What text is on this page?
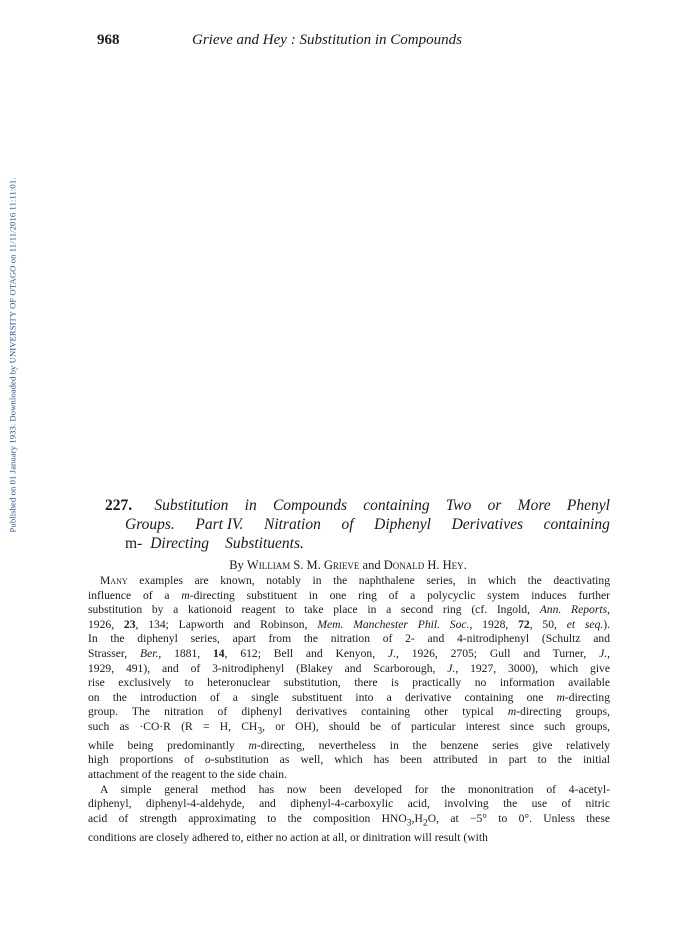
Published on 01 January 1933. Downloaded by UNIVERSITY OF OTAGO on 11/11/2016 11:11:01.
968	Grieve and Hey : Substitution in Compounds
227.	Substitution in Compounds containing Two or More Phenyl
Groups. Part IV. Nitration of Diphenyl Derivatives containing
m- Directing	Substituents.
By William S. M. Grieve and Donald H. Hey.
Many examples are known, notably in the naphthalene series, in which the deactivating
influence of a m-directing substituent in one ring of a polycyclic system induces further
substitution by a kationoid reagent to take place in a second ring (cf. Ingold, Ann. Reports,
1926, 23, 134; Lapworth and Robinson, Mem. Manchester Phil. Soc., 1928, 72, 50, et seq.).
In the diphenyl series, apart from the nitration of 2- and 4-nitrodiphenyl (Schultz and
Strasser, Ber., 1881, 14, 612; Bell and Kenyon, J., 1926, 2705; Gull and Turner, J.,
1929, 491), and of 3-nitrodiphenyl (Blakey and Scarborough, J., 1927, 3000), which give
rise exclusively to heteronuclear substitution, there is practically no information available
on the introduction of a single substituent into a derivative containing one m-directing
group. The nitration of diphenyl derivatives containing other typical m-directing groups,
such as ·CO·R (R = H, $CH_3$, or OH), should be of particular interest since such groups,
while being predominantly m-directing, nevertheless in the benzene series give relatively
high proportions of o-substitution as well, which has been attributed in part to the initial
attachment of the reagent to the side chain.
A simple general method has now been developed for the mononitration of 4-acetyl-
diphenyl, diphenyl-4-aldehyde, and diphenyl-4-carboxylic acid, involving the use of nitric
acid of strength approximating to the composition $HNO_3,H_2O$, at −5° to 0°. Unless these
conditions are closely adhered to, either no action at all, or dinitration will result (with
